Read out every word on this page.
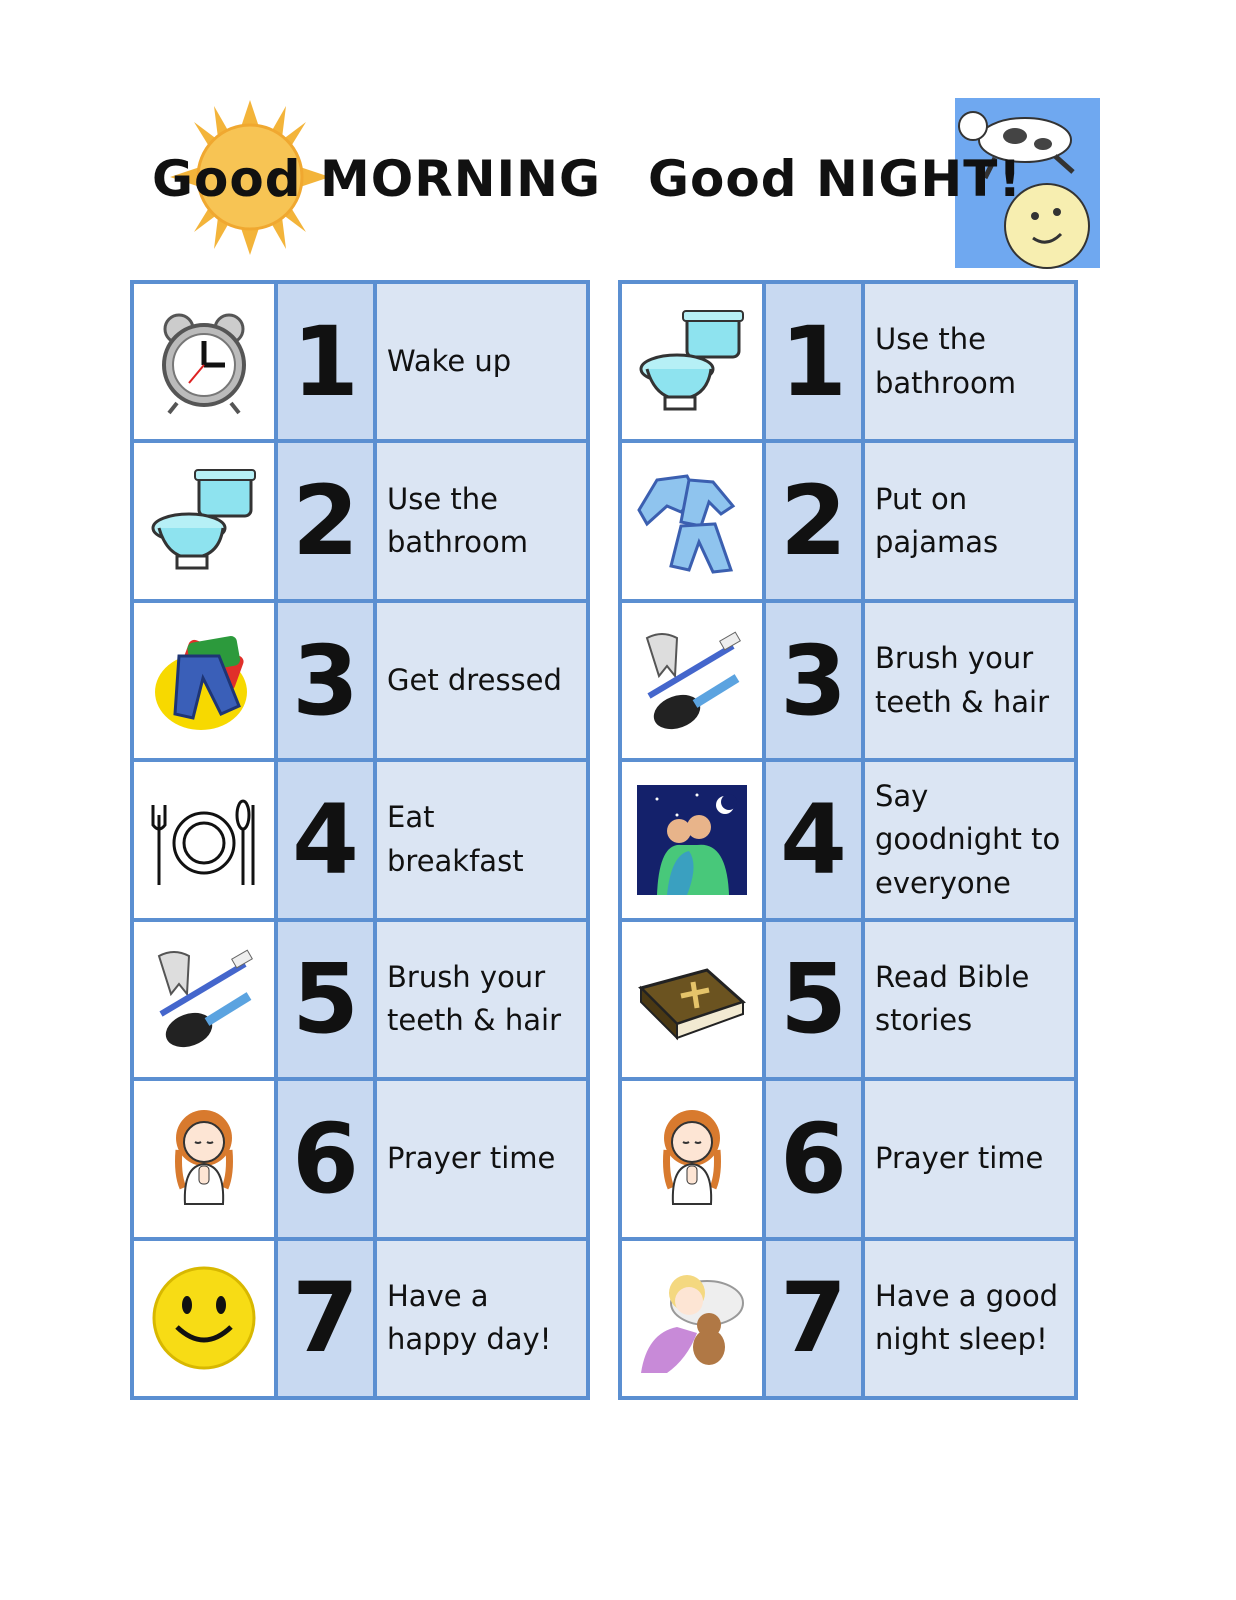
Good MORNING Good NIGHT!
1 Wake up
2 Use the bathroom
3 Get dressed
4 Eat breakfast
5 Brush your teeth & hair
6 Prayer time
7 Have a happy day!
1 Use the bathroom
2 Put on pajamas
3 Brush your teeth & hair
4 Say goodnight to everyone
5 Read Bible stories
6 Prayer time
7 Have a good night sleep!
